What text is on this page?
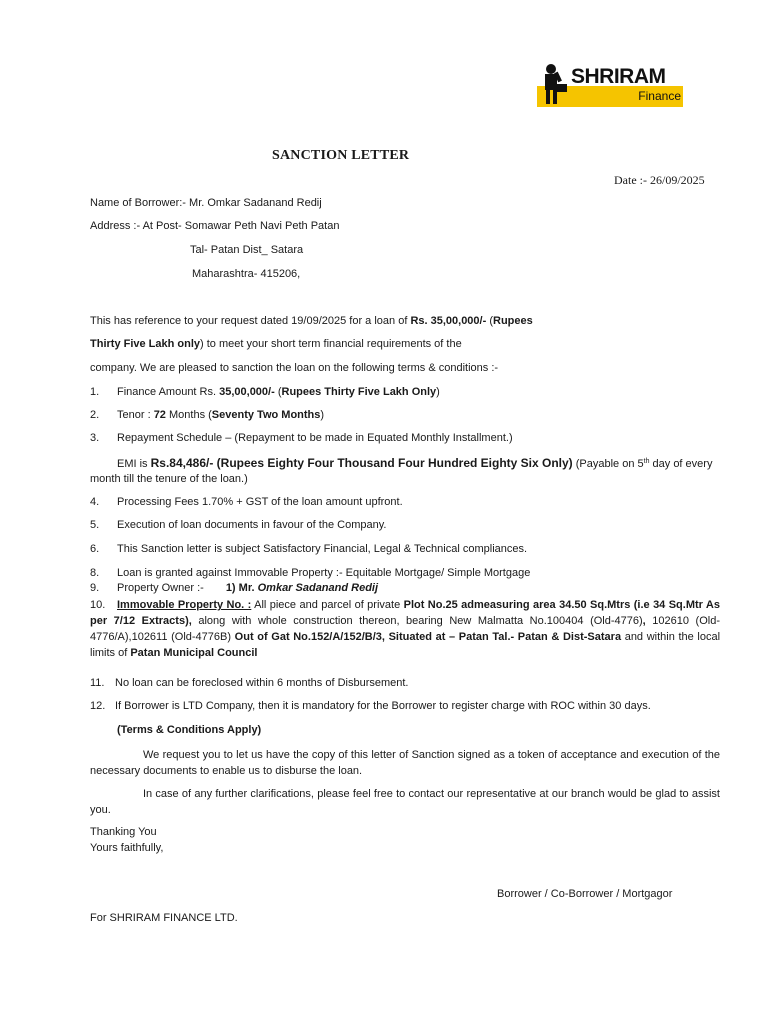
SHRIRAM
Finance
SANCTION LETTER
Date :- 26/09/2025
Name of Borrower:- Mr. Omkar Sadanand Redij
Address :- At Post- Somawar Peth Navi Peth Patan
Tal- Patan Dist_ Satara
Maharashtra- 415206,
This has reference to your request dated 19/09/2025 for a loan of Rs. 35,00,000/- (Rupees
Thirty Five Lakh only) to meet your short term financial requirements of the
company. We are pleased to sanction the loan on the following terms & conditions :-
1. Finance Amount Rs. 35,00,000/- (Rupees Thirty Five Lakh Only)
2. Tenor : 72 Months (Seventy Two Months)
3. Repayment Schedule – (Repayment to be made in Equated Monthly Installment.)
EMI is Rs.84,486/- (Rupees Eighty Four Thousand Four Hundred Eighty Six Only) (Payable on 5th day of every
month till the tenure of the loan.)
4. Processing Fees 1.70% + GST of the loan amount upfront.
5. Execution of loan documents in favour of the Company.
6. This Sanction letter is subject Satisfactory Financial, Legal & Technical compliances.
8. Loan is granted against Immovable Property :- Equitable Mortgage/ Simple Mortgage
9. Property Owner :- 1) Mr. Omkar Sadanand Redij
10. Immovable Property No. : All piece and parcel of private Plot No.25 admeasuring area 34.50 Sq.Mtrs (i.e 34 Sq.Mtr As per 7/12 Extracts), along with whole construction thereon, bearing New Malmatta No.100404 (Old-4776), 102610 (Old-4776/A),102611 (Old-4776B) Out of Gat No.152/A/152/B/3, Situated at – Patan Tal.- Patan & Dist-Satara and within the local limits of Patan Municipal Council
11. No loan can be foreclosed within 6 months of Disbursement.
12. If Borrower is LTD Company, then it is mandatory for the Borrower to register charge with ROC within 30 days.
(Terms & Conditions Apply)
We request you to let us have the copy of this letter of Sanction signed as a token of acceptance and execution of the necessary documents to enable us to disburse the loan.
In case of any further clarifications, please feel free to contact our representative at our branch would be glad to assist you.
Thanking You
Yours faithfully,
Borrower / Co-Borrower / Mortgagor
For SHRIRAM FINANCE LTD.
